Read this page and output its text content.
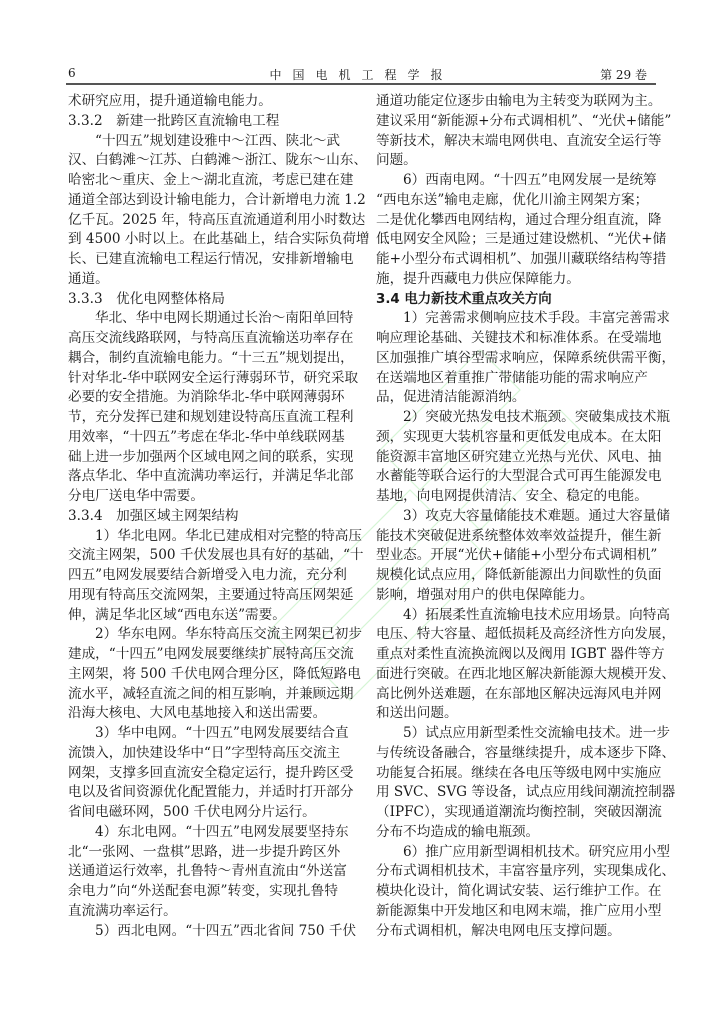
6	中国电机工程学报	第 29 卷
术研究应用，提升通道输电能力。
3.3.2　新建一批跨区直流输电工程
“十四五”规划建设雅中～江西、陕北～武
汉、白鹤滩～江苏、白鹤滩～浙江、陇东～山东、
哈密北～重庆、金上～湖北直流，考虑已建在建
通道全部达到设计输电能力，合计新增电力流 1.2
亿千瓦。2025 年，特高压直流通道利用小时数达
到 4500 小时以上。在此基础上，结合实际负荷增
长、已建直流输电工程运行情况，安排新增输电
通道。
3.3.3　优化电网整体格局
华北、华中电网长期通过长治～南阳单回特
高压交流线路联网，与特高压直流输送功率存在
耦合，制约直流输电能力。“十三五”规划提出，
针对华北-华中联网安全运行薄弱环节，研究采取
必要的安全措施。为消除华北-华中联网薄弱环
节，充分发挥已建和规划建设特高压直流工程利
用效率，“十四五”考虑在华北-华中单线联网基
础上进一步加强两个区域电网之间的联系，实现
落点华北、华中直流满功率运行，并满足华北部
分电厂送电华中需要。
3.3.4　加强区域主网架结构
1）华北电网。华北已建成相对完整的特高压
交流主网架，500 千伏发展也具有好的基础，“十
四五”电网发展要结合新增受入电力流，充分利
用现有特高压交流网架，主要通过特高压网架延
伸，满足华北区域“西电东送”需要。
2）华东电网。华东特高压交流主网架已初步
建成，“十四五”电网发展要继续扩展特高压交流
主网架，将 500 千伏电网合理分区，降低短路电
流水平，减轻直流之间的相互影响，并兼顾远期
沿海大核电、大风电基地接入和送出需要。
3）华中电网。“十四五”电网发展要结合直
流馈入，加快建设华中“日”字型特高压交流主
网架，支撑多回直流安全稳定运行，提升跨区受
电以及省间资源优化配置能力，并适时打开部分
省间电磁环网，500 千伏电网分片运行。
4）东北电网。“十四五”电网发展要坚持东
北“一张网、一盘棋”思路，进一步提升跨区外
送通道运行效率，扎鲁特～青州直流由“外送富
余电力”向“外送配套电源”转变，实现扎鲁特
直流满功率运行。
5）西北电网。“十四五”西北省间 750 千伏
通道功能定位逐步由输电为主转变为联网为主。
建议采用“新能源+分布式调相机”、“光伏+储能”
等新技术，解决末端电网供电、直流安全运行等
问题。
6）西南电网。“十四五”电网发展一是统筹
“西电东送”输电走廊，优化川渝主网架方案；
二是优化攀西电网结构，通过合理分组直流，降
低电网安全风险；三是通过建设燃机、“光伏+储
能+小型分布式调相机”、加强川藏联络结构等措
施，提升西藏电力供应保障能力。
3.4 电力新技术重点攻关方向
1）完善需求侧响应技术手段。丰富完善需求
响应理论基础、关键技术和标准体系。在受端地
区加强推广填谷型需求响应，保障系统供需平衡，
在送端地区着重推广带储能功能的需求响应产
品，促进清洁能源消纳。
2）突破光热发电技术瓶颈。突破集成技术瓶
颈，实现更大装机容量和更低发电成本。在太阳
能资源丰富地区研究建立光热与光伏、风电、抽
水蓄能等联合运行的大型混合式可再生能源发电
基地，向电网提供清洁、安全、稳定的电能。
3）攻克大容量储能技术难题。通过大容量储
能技术突破促进系统整体效率效益提升，催生新
型业态。开展“光伏+储能+小型分布式调相机”
规模化试点应用，降低新能源出力间歇性的负面
影响，增强对用户的供电保障能力。
4）拓展柔性直流输电技术应用场景。向特高
电压、特大容量、超低损耗及高经济性方向发展，
重点对柔性直流换流阀以及阀用 IGBT 器件等方
面进行突破。在西北地区解决新能源大规模开发、
高比例外送难题，在东部地区解决远海风电并网
和送出问题。
5）试点应用新型柔性交流输电技术。进一步
与传统设备融合，容量继续提升，成本逐步下降、
功能复合拓展。继续在各电压等级电网中实施应
用 SVC、SVG 等设备，试点应用线间潮流控制器
（IPFC），实现通道潮流均衡控制，突破因潮流
分布不均造成的输电瓶颈。
6）推广应用新型调相机技术。研究应用小型
分布式调相机技术，丰富容量序列，实现集成化、
模块化设计，简化调试安装、运行维护工作。在
新能源集中开发地区和电网末端，推广应用小型
分布式调相机，解决电网电压支撑问题。
